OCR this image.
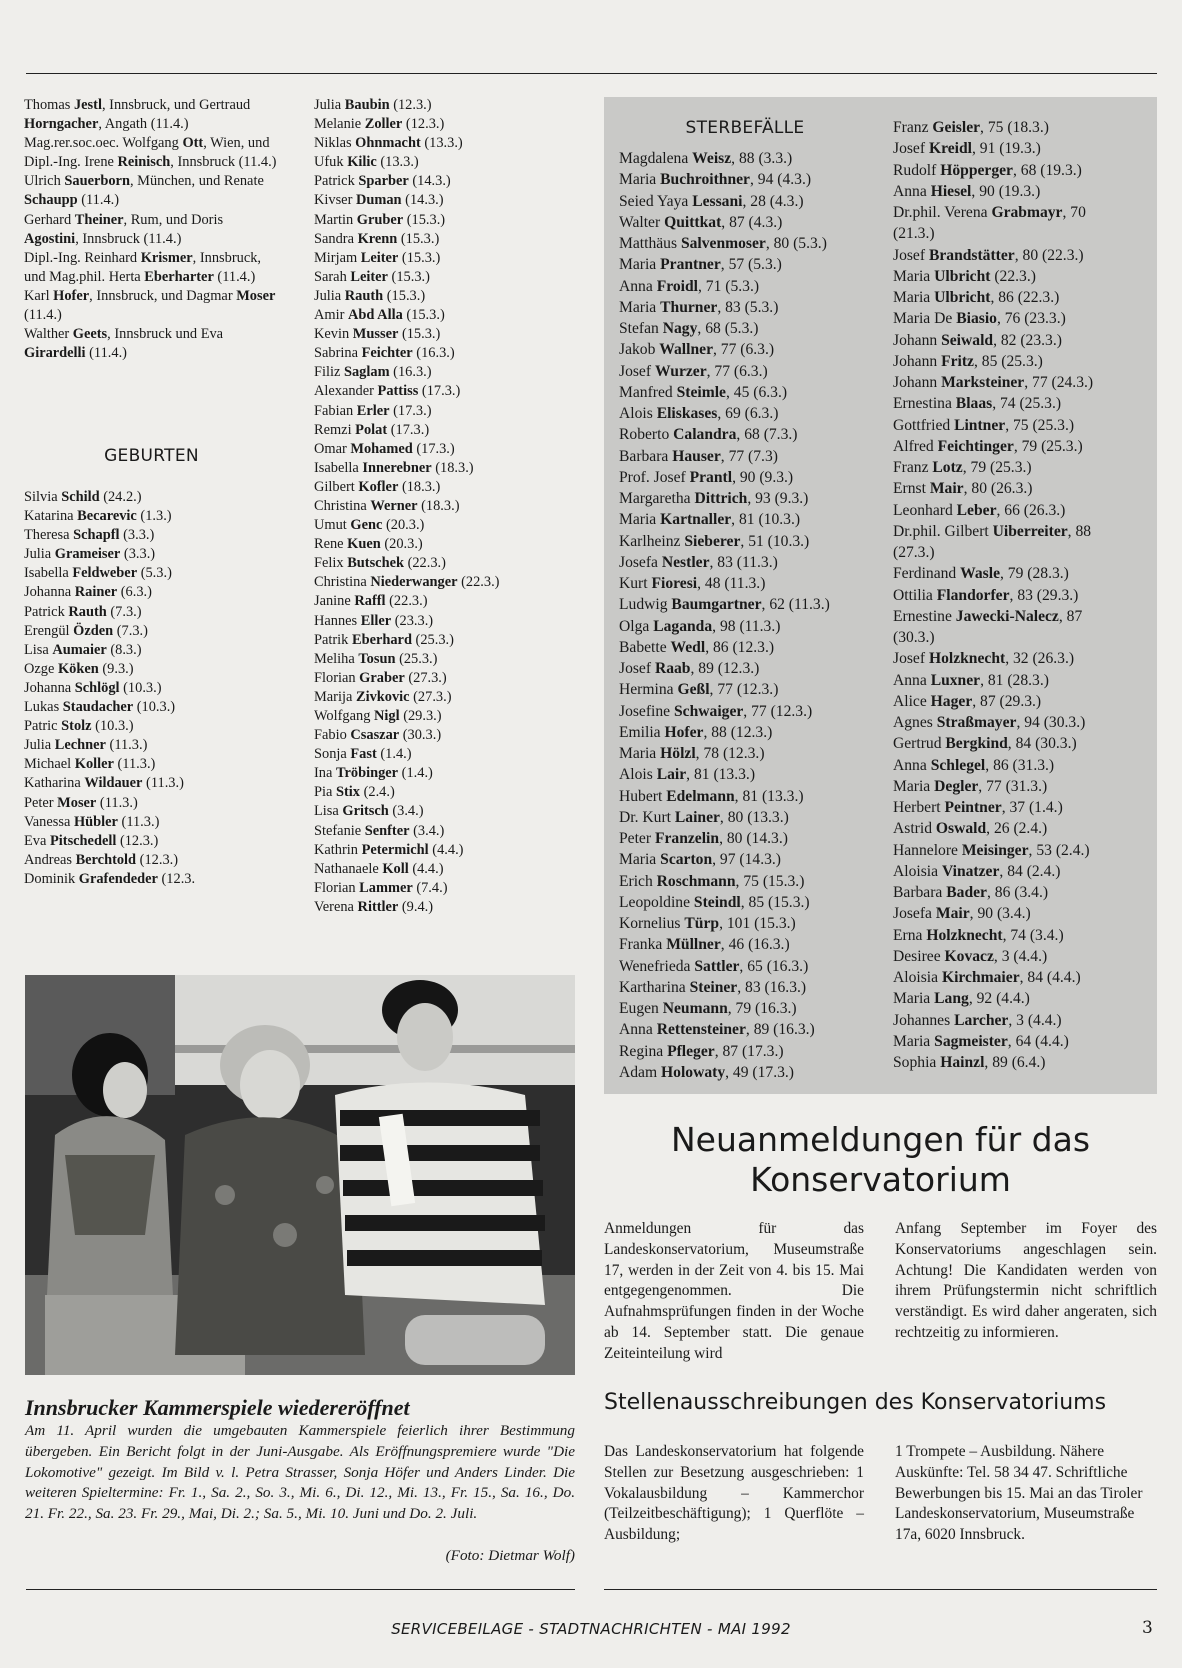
Thomas Jestl, Innsbruck, und Gertraud Horngacher, Angath (11.4.)
Mag.rer.soc.oec. Wolfgang Ott, Wien, und Dipl.-Ing. Irene Reinisch, Innsbruck (11.4.)
Ulrich Sauerborn, München, und Renate Schaupp (11.4.)
Gerhard Theiner, Rum, und Doris Agostini, Innsbruck (11.4.)
Dipl.-Ing. Reinhard Krismer, Innsbruck, und Mag.phil. Herta Eberharter (11.4.)
Karl Hofer, Innsbruck, und Dagmar Moser (11.4.)
Walther Geets, Innsbruck und Eva Girardelli (11.4.)
GEBURTEN
Silvia Schild (24.2.)
Katarina Becarevic (1.3.)
Theresa Schapfl (3.3.)
Julia Grameiser (3.3.)
Isabella Feldweber (5.3.)
Johanna Rainer (6.3.)
Patrick Rauth (7.3.)
Erengül Özden (7.3.)
Lisa Aumaier (8.3.)
Ozge Köken (9.3.)
Johanna Schlögl (10.3.)
Lukas Staudacher (10.3.)
Patric Stolz (10.3.)
Julia Lechner (11.3.)
Michael Koller (11.3.)
Katharina Wildauer (11.3.)
Peter Moser (11.3.)
Vanessa Hübler (11.3.)
Eva Pitschedell (12.3.)
Andreas Berchtold (12.3.)
Dominik Grafendeder (12.3.
Julia Baubin (12.3.)
Melanie Zoller (12.3.)
Niklas Ohnmacht (13.3.)
Ufuk Kilic (13.3.)
Patrick Sparber (14.3.)
Kivser Duman (14.3.)
Martin Gruber (15.3.)
Sandra Krenn (15.3.)
Mirjam Leiter (15.3.)
Sarah Leiter (15.3.)
Julia Rauth (15.3.)
Amir Abd Alla (15.3.)
Kevin Musser (15.3.)
Sabrina Feichter (16.3.)
Filiz Saglam (16.3.)
Alexander Pattiss (17.3.)
Fabian Erler (17.3.)
Remzi Polat (17.3.)
Omar Mohamed (17.3.)
Isabella Innerebner (18.3.)
Gilbert Kofler (18.3.)
Christina Werner (18.3.)
Umut Genc (20.3.)
Rene Kuen (20.3.)
Felix Butschek (22.3.)
Christina Niederwanger (22.3.)
Janine Raffl (22.3.)
Hannes Eller (23.3.)
Patrik Eberhard (25.3.)
Meliha Tosun (25.3.)
Florian Graber (27.3.)
Marija Zivkovic (27.3.)
Wolfgang Nigl (29.3.)
Fabio Csaszar (30.3.)
Sonja Fast (1.4.)
Ina Tröbinger (1.4.)
Pia Stix (2.4.)
Lisa Gritsch (3.4.)
Stefanie Senfter (3.4.)
Kathrin Petermichl (4.4.)
Nathanaele Koll (4.4.)
Florian Lammer (7.4.)
Verena Rittler (9.4.)
STERBEFÄLLE
Magdalena Weisz, 88 (3.3.)
Maria Buchroithner, 94 (4.3.)
Seied Yaya Lessani, 28 (4.3.)
Walter Quittkat, 87 (4.3.)
Matthäus Salvenmoser, 80 (5.3.)
Maria Prantner, 57 (5.3.)
Anna Froidl, 71 (5.3.)
Maria Thurner, 83 (5.3.)
Stefan Nagy, 68 (5.3.)
Jakob Wallner, 77 (6.3.)
Josef Wurzer, 77 (6.3.)
Manfred Steimle, 45 (6.3.)
Alois Eliskases, 69 (6.3.)
Roberto Calandra, 68 (7.3.)
Barbara Hauser, 77 (7.3)
Prof. Josef Prantl, 90 (9.3.)
Margaretha Dittrich, 93 (9.3.)
Maria Kartnaller, 81 (10.3.)
Karlheinz Sieberer, 51 (10.3.)
Josefa Nestler, 83 (11.3.)
Kurt Fioresi, 48 (11.3.)
Ludwig Baumgartner, 62 (11.3.)
Olga Laganda, 98 (11.3.)
Babette Wedl, 86 (12.3.)
Josef Raab, 89 (12.3.)
Hermina Geßl, 77 (12.3.)
Josefine Schwaiger, 77 (12.3.)
Emilia Hofer, 88 (12.3.)
Maria Hölzl, 78 (12.3.)
Alois Lair, 81 (13.3.)
Hubert Edelmann, 81 (13.3.)
Dr. Kurt Lainer, 80 (13.3.)
Peter Franzelin, 80 (14.3.)
Maria Scarton, 97 (14.3.)
Erich Roschmann, 75 (15.3.)
Leopoldine Steindl, 85 (15.3.)
Kornelius Türp, 101 (15.3.)
Franka Müllner, 46 (16.3.)
Wenefrieda Sattler, 65 (16.3.)
Kartharina Steiner, 83 (16.3.)
Eugen Neumann, 79 (16.3.)
Anna Rettensteiner, 89 (16.3.)
Regina Pfleger, 87 (17.3.)
Adam Holowaty, 49 (17.3.)
Franz Geisler, 75 (18.3.)
Josef Kreidl, 91 (19.3.)
Rudolf Höpperger, 68 (19.3.)
Anna Hiesel, 90 (19.3.)
Dr.phil. Verena Grabmayr, 70
(21.3.)
Josef Brandstätter, 80 (22.3.)
Maria Ulbricht (22.3.)
Maria Ulbricht, 86 (22.3.)
Maria De Biasio, 76 (23.3.)
Johann Seiwald, 82 (23.3.)
Johann Fritz, 85 (25.3.)
Johann Marksteiner, 77 (24.3.)
Ernestina Blaas, 74 (25.3.)
Gottfried Lintner, 75 (25.3.)
Alfred Feichtinger, 79 (25.3.)
Franz Lotz, 79 (25.3.)
Ernst Mair, 80 (26.3.)
Leonhard Leber, 66 (26.3.)
Dr.phil. Gilbert Uiberreiter, 88
(27.3.)
Ferdinand Wasle, 79 (28.3.)
Ottilia Flandorfer, 83 (29.3.)
Ernestine Jawecki-Nalecz, 87
(30.3.)
Josef Holzknecht, 32 (26.3.)
Anna Luxner, 81 (28.3.)
Alice Hager, 87 (29.3.)
Agnes Straßmayer, 94 (30.3.)
Gertrud Bergkind, 84 (30.3.)
Anna Schlegel, 86 (31.3.)
Maria Degler, 77 (31.3.)
Herbert Peintner, 37 (1.4.)
Astrid Oswald, 26 (2.4.)
Hannelore Meisinger, 53 (2.4.)
Aloisia Vinatzer, 84 (2.4.)
Barbara Bader, 86 (3.4.)
Josefa Mair, 90 (3.4.)
Erna Holzknecht, 74 (3.4.)
Desiree Kovacz, 3 (4.4.)
Aloisia Kirchmaier, 84 (4.4.)
Maria Lang, 92 (4.4.)
Johannes Larcher, 3 (4.4.)
Maria Sagmeister, 64 (4.4.)
Sophia Hainzl, 89 (6.4.)
Innsbrucker Kammerspiele wiedereröffnet
Am 11. April wurden die umgebauten Kammerspiele feierlich ihrer Bestimmung übergeben. Ein Bericht folgt in der Juni-Ausgabe. Als Eröffnungspremiere wurde "Die Lokomotive" gezeigt. Im Bild v. l. Petra Strasser, Sonja Höfer und Anders Linder. Die weiteren Spieltermine: Fr. 1., Sa. 2., So. 3., Mi. 6., Di. 12., Mi. 13., Fr. 15., Sa. 16., Do. 21. Fr. 22., Sa. 23. Fr. 29., Mai, Di. 2.; Sa. 5., Mi. 10. Juni und Do. 2. Juli.
(Foto: Dietmar Wolf)
Neuanmeldungen für das
Konservatorium
Anmeldungen für das Landeskonservatorium, Museumstraße 17, werden in der Zeit von 4. bis 15. Mai entgegengenommen. Die Aufnahmsprüfungen finden in der Woche ab 14. September statt. Die genaue Zeiteinteilung wird
Anfang September im Foyer des Konservatoriums angeschlagen sein. Achtung! Die Kandidaten werden von ihrem Prüfungstermin nicht schriftlich verständigt. Es wird daher angeraten, sich rechtzeitig zu informieren.
Stellenausschreibungen des Konservatoriums
Das Landeskonservatorium hat folgende Stellen zur Besetzung ausgeschrieben: 1 Vokalausbildung – Kammerchor (Teilzeitbeschäftigung); 1 Querflöte – Ausbildung;
1 Trompete – Ausbildung. Nähere Auskünfte: Tel. 58 34 47. Schriftliche Bewerbungen bis 15. Mai an das Tiroler Landeskonservatorium, Museumstraße 17a, 6020 Innsbruck.
SERVICEBEILAGE - STADTNACHRICHTEN - MAI 1992	3
